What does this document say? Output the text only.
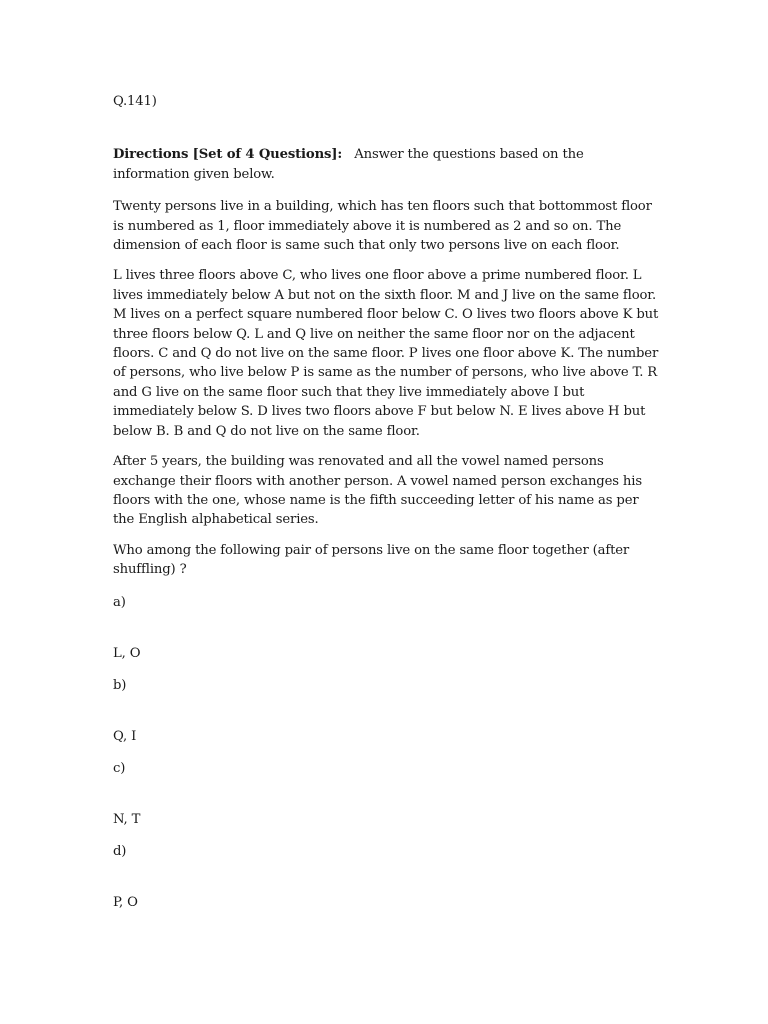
Q.141)

Directions [Set of 4 Questions]: Answer the questions based on the information given below.

Twenty persons live in a building, which has ten floors such that bottommost floor is numbered as 1, floor immediately above it is numbered as 2 and so on. The dimension of each floor is same such that only two persons live on each floor.

L lives three floors above C, who lives one floor above a prime numbered floor. L lives immediately below A but not on the sixth floor. M and J live on the same floor. M lives on a perfect square numbered floor below C. O lives two floors above K but three floors below Q. L and Q live on neither the same floor nor on the adjacent floors. C and Q do not live on the same floor. P lives one floor above K. The number of persons, who live below P is same as the number of persons, who live above T. R and G live on the same floor such that they live immediately above I but immediately below S. D lives two floors above F but below N. E lives above H but below B. B and Q do not live on the same floor.

After 5 years, the building was renovated and all the vowel named persons exchange their floors with another person. A vowel named person exchanges his floors with the one, whose name is the fifth succeeding letter of his name as per the English alphabetical series.

Who among the following pair of persons live on the same floor together (after shuffling) ?

a)

L, O

b)

Q, I

c)

N, T

d)

P, O
